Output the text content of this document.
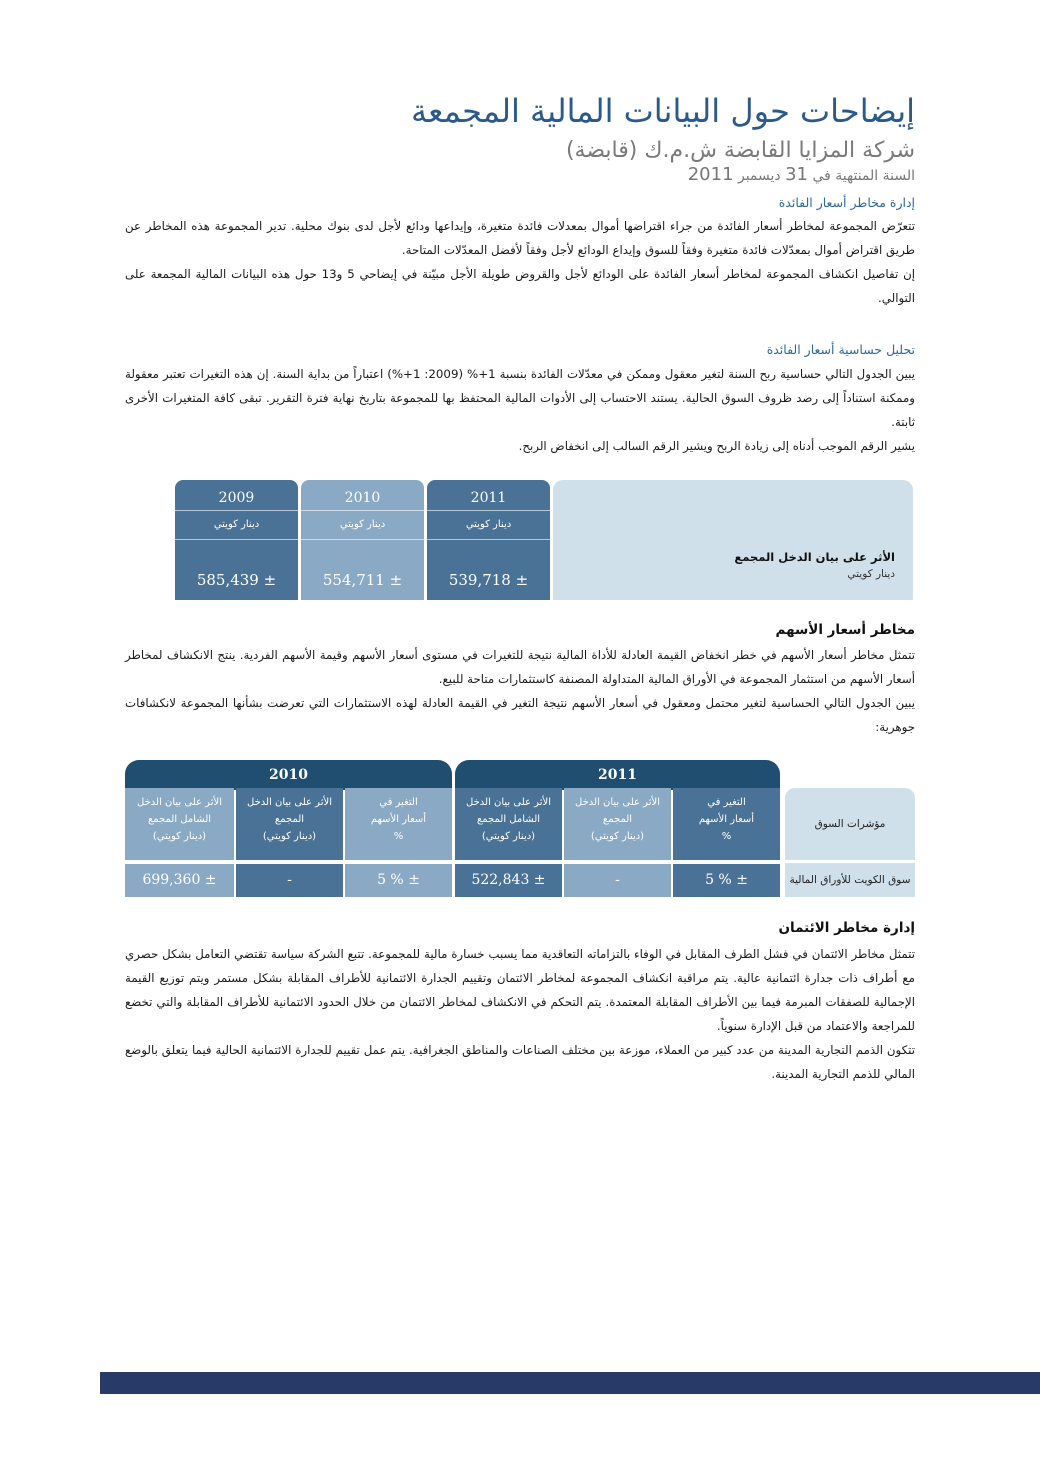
إيضاحات حول البيانات المالية المجمعة
شركة المزايا القابضة ش.م.ك (قابضة)
السنة المنتهية في 31 ديسمبر 2011
إدارة مخاطر أسعار الفائدة

تتعرّض المجموعة لمخاطر أسعار الفائدة من جراء اقتراضها أموال بمعدلات فائدة متغيرة، وإيداعها ودائع لأجل لدى بنوك محلية. تدير المجموعة هذه المخاطر عن طريق اقتراض أموال بمعدّلات فائدة متغيرة وفقاً للسوق وإيداع الودائع لأجل وفقاً لأفضل المعدّلات المتاحة.

إن تفاصيل انكشاف المجموعة لمخاطر أسعار الفائدة على الودائع لأجل والقروض طويلة الأجل مبيّنة في إيضاحي 5 و13 حول هذه البيانات المالية المجمعة على التوالي.

تحليل حساسية أسعار الفائدة

يبين الجدول التالي حساسية ربح السنة لتغير معقول وممكن في معدّلات الفائدة بنسبة 1+% (2009: 1+%) اعتباراً من بداية السنة. إن هذه التغيرات تعتبر معقولة وممكنة استناداً إلى رصد ظروف السوق الحالية. يستند الاحتساب إلى الأدوات المالية المحتفظ بها للمجموعة بتاريخ نهاية فترة التقرير. تبقى كافة المتغيرات الأخرى ثابتة.

يشير الرقم الموجب أدناه إلى زيادة الربح ويشير الرقم السالب إلى انخفاض الربح.

الأثر على بيان الدخل المجمع
دينار كويتي
2011
دينار كويتي
539,718 ±
2010
دينار كويتي
554,711 ±
2009
دينار كويتي
585,439 ±
مخاطر أسعار الأسهم

تتمثل مخاطر أسعار الأسهم في خطر انخفاض القيمة العادلة للأداة المالية نتيجة للتغيرات في مستوى أسعار الأسهم وقيمة الأسهم الفردية. ينتج الانكشاف لمخاطر أسعار الأسهم من استثمار المجموعة في الأوراق المالية المتداولة المصنفة كاستثمارات متاحة للبيع.

يبين الجدول التالي الحساسية لتغير محتمل ومعقول في أسعار الأسهم نتيجة التغير في القيمة العادلة لهذه الاستثمارات التي تعرضت بشأنها المجموعة لانكشافات جوهرية:

مؤشرات السوق
سوق الكويت للأوراق المالية
2011
التغير في
أسعار الأسهم
%
الأثر على بيان الدخل
المجمع
(دينار كويتي)
الأثر على بيان الدخل
الشامل المجمع
(دينار كويتي)
5 % ±
-
522,843 ±
2010
التغير في
أسعار الأسهم
%
الأثر على بيان الدخل
المجمع
(دينار كويتي)
الأثر على بيان الدخل
الشامل المجمع
(دينار كويتي)
5 % ±
-
699,360 ±
إدارة مخاطر الائتمان

تتمثل مخاطر الائتمان في فشل الطرف المقابل في الوفاء بالتزاماته التعاقدية مما يسبب خسارة مالية للمجموعة. تتبع الشركة سياسة تقتضي التعامل بشكل حصري مع أطراف ذات جدارة ائتمانية عالية. يتم مراقبة انكشاف المجموعة لمخاطر الائتمان وتقييم الجدارة الائتمانية للأطراف المقابلة بشكل مستمر ويتم توزيع القيمة الإجمالية للصفقات المبرمة فيما بين الأطراف المقابلة المعتمدة. يتم التحكم في الانكشاف لمخاطر الائتمان من خلال الحدود الائتمانية للأطراف المقابلة والتي تخضع للمراجعة والاعتماد من قبل الإدارة سنوياً.

تتكون الذمم التجارية المدينة من عدد كبير من العملاء، موزعة بين مختلف الصناعات والمناطق الجغرافية. يتم عمل تقييم للجدارة الائتمانية الحالية فيما يتعلق بالوضع المالي للذمم التجارية المدينة.
